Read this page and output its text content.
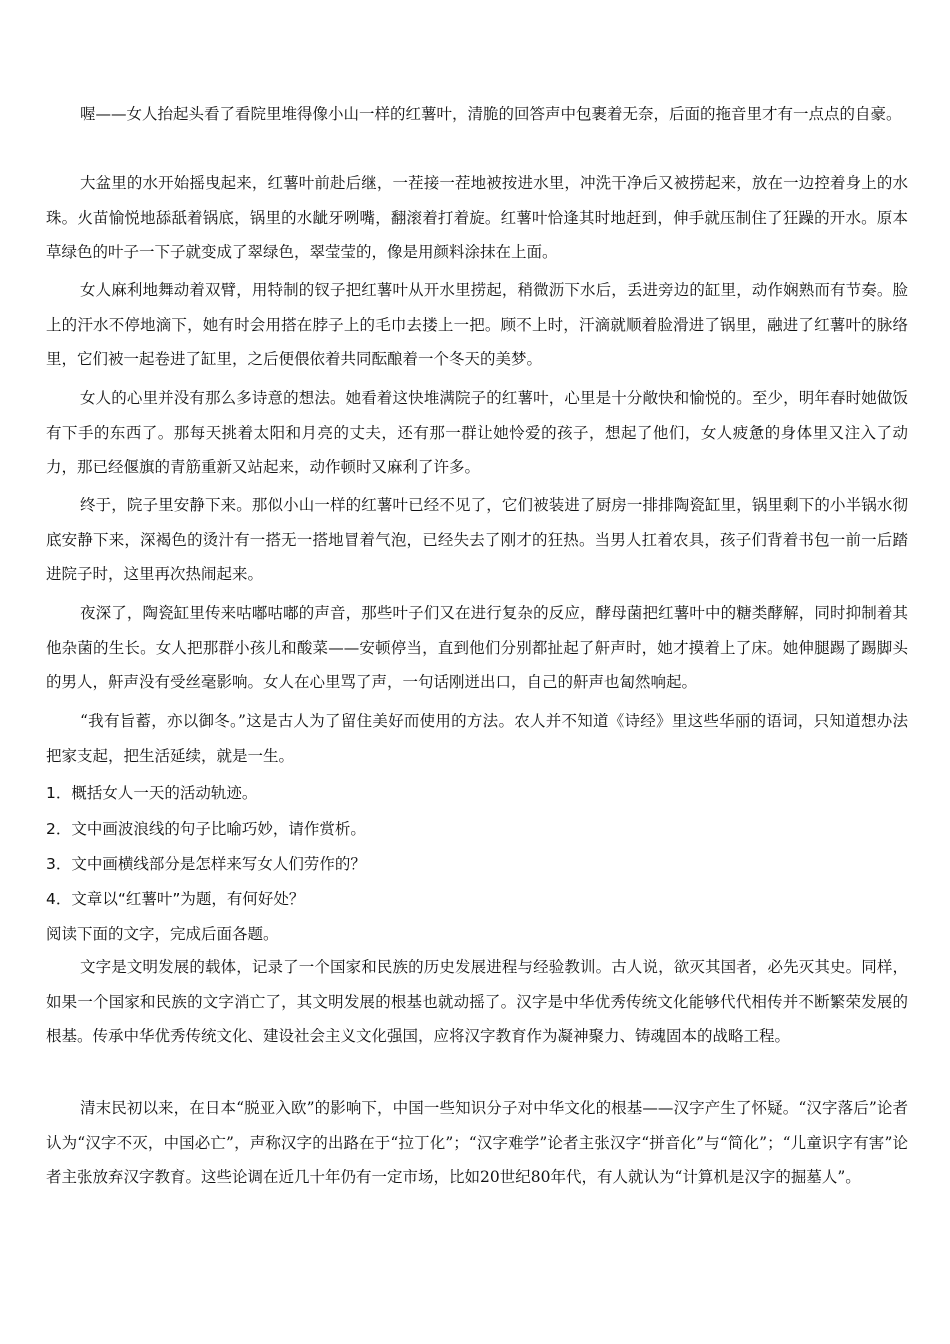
喔——女人抬起头看了看院里堆得像小山一样的红薯叶，清脆的回答声中包裹着无奈，后面的拖音里才有一点点的自豪。

大盆里的水开始摇曳起来，红薯叶前赴后继，一茬接一茬地被按进水里，冲洗干净后又被捞起来，放在一边控着身上的水珠。火苗愉悦地舔舐着锅底，锅里的水龇牙咧嘴，翻滚着打着旋。红薯叶恰逢其时地赶到，伸手就压制住了狂躁的开水。原本草绿色的叶子一下子就变成了翠绿色，翠莹莹的，像是用颜料涂抹在上面。

女人麻利地舞动着双臂，用特制的钗子把红薯叶从开水里捞起，稍微沥下水后，丢进旁边的缸里，动作娴熟而有节奏。脸上的汗水不停地滴下，她有时会用搭在脖子上的毛巾去搂上一把。顾不上时，汗滴就顺着脸滑进了锅里，融进了红薯叶的脉络里，它们被一起卷进了缸里，之后便偎依着共同酝酿着一个冬天的美梦。

女人的心里并没有那么多诗意的想法。她看着这快堆满院子的红薯叶，心里是十分敞快和愉悦的。至少，明年春时她做饭有下手的东西了。那每天挑着太阳和月亮的丈夫，还有那一群让她怜爱的孩子，想起了他们，女人疲惫的身体里又注入了动力，那已经偃旗的青筋重新又站起来，动作顿时又麻利了许多。

终于，院子里安静下来。那似小山一样的红薯叶已经不见了，它们被装进了厨房一排排陶瓷缸里，锅里剩下的小半锅水彻底安静下来，深褐色的烫汁有一搭无一搭地冒着气泡，已经失去了刚才的狂热。当男人扛着农具，孩子们背着书包一前一后踏进院子时，这里再次热闹起来。

夜深了，陶瓷缸里传来咕嘟咕嘟的声音，那些叶子们又在进行复杂的反应，酵母菌把红薯叶中的糖类酵解，同时抑制着其他杂菌的生长。女人把那群小孩儿和酸菜——安顿停当，直到他们分别都扯起了鼾声时，她才摸着上了床。她伸腿踢了踢脚头的男人，鼾声没有受丝毫影响。女人在心里骂了声，一句话刚迸出口，自己的鼾声也匐然响起。

“我有旨蓄，亦以御冬。”这是古人为了留住美好而使用的方法。农人并不知道《诗经》里这些华丽的语词，只知道想办法把家支起，把生活延续，就是一生。

1．概括女人一天的活动轨迹。

2．文中画波浪线的句子比喻巧妙，请作赏析。

3．文中画横线部分是怎样来写女人们劳作的？

4．文章以“红薯叶”为题，有何好处？

阅读下面的文字，完成后面各题。

文字是文明发展的载体，记录了一个国家和民族的历史发展进程与经验教训。古人说，欲灭其国者，必先灭其史。同样，如果一个国家和民族的文字消亡了，其文明发展的根基也就动摇了。汉字是中华优秀传统文化能够代代相传并不断繁荣发展的根基。传承中华优秀传统文化、建设社会主义文化强国，应将汉字教育作为凝神聚力、铸魂固本的战略工程。

清末民初以来，在日本“脱亚入欧”的影响下，中国一些知识分子对中华文化的根基——汉字产生了怀疑。“汉字落后”论者认为“汉字不灭，中国必亡”，声称汉字的出路在于“拉丁化”；“汉字难学”论者主张汉字“拼音化”与“简化”；“儿童识字有害”论者主张放弃汉字教育。这些论调在近几十年仍有一定市场，比如20世纪80年代，有人就认为“计算机是汉字的掘墓人”。
